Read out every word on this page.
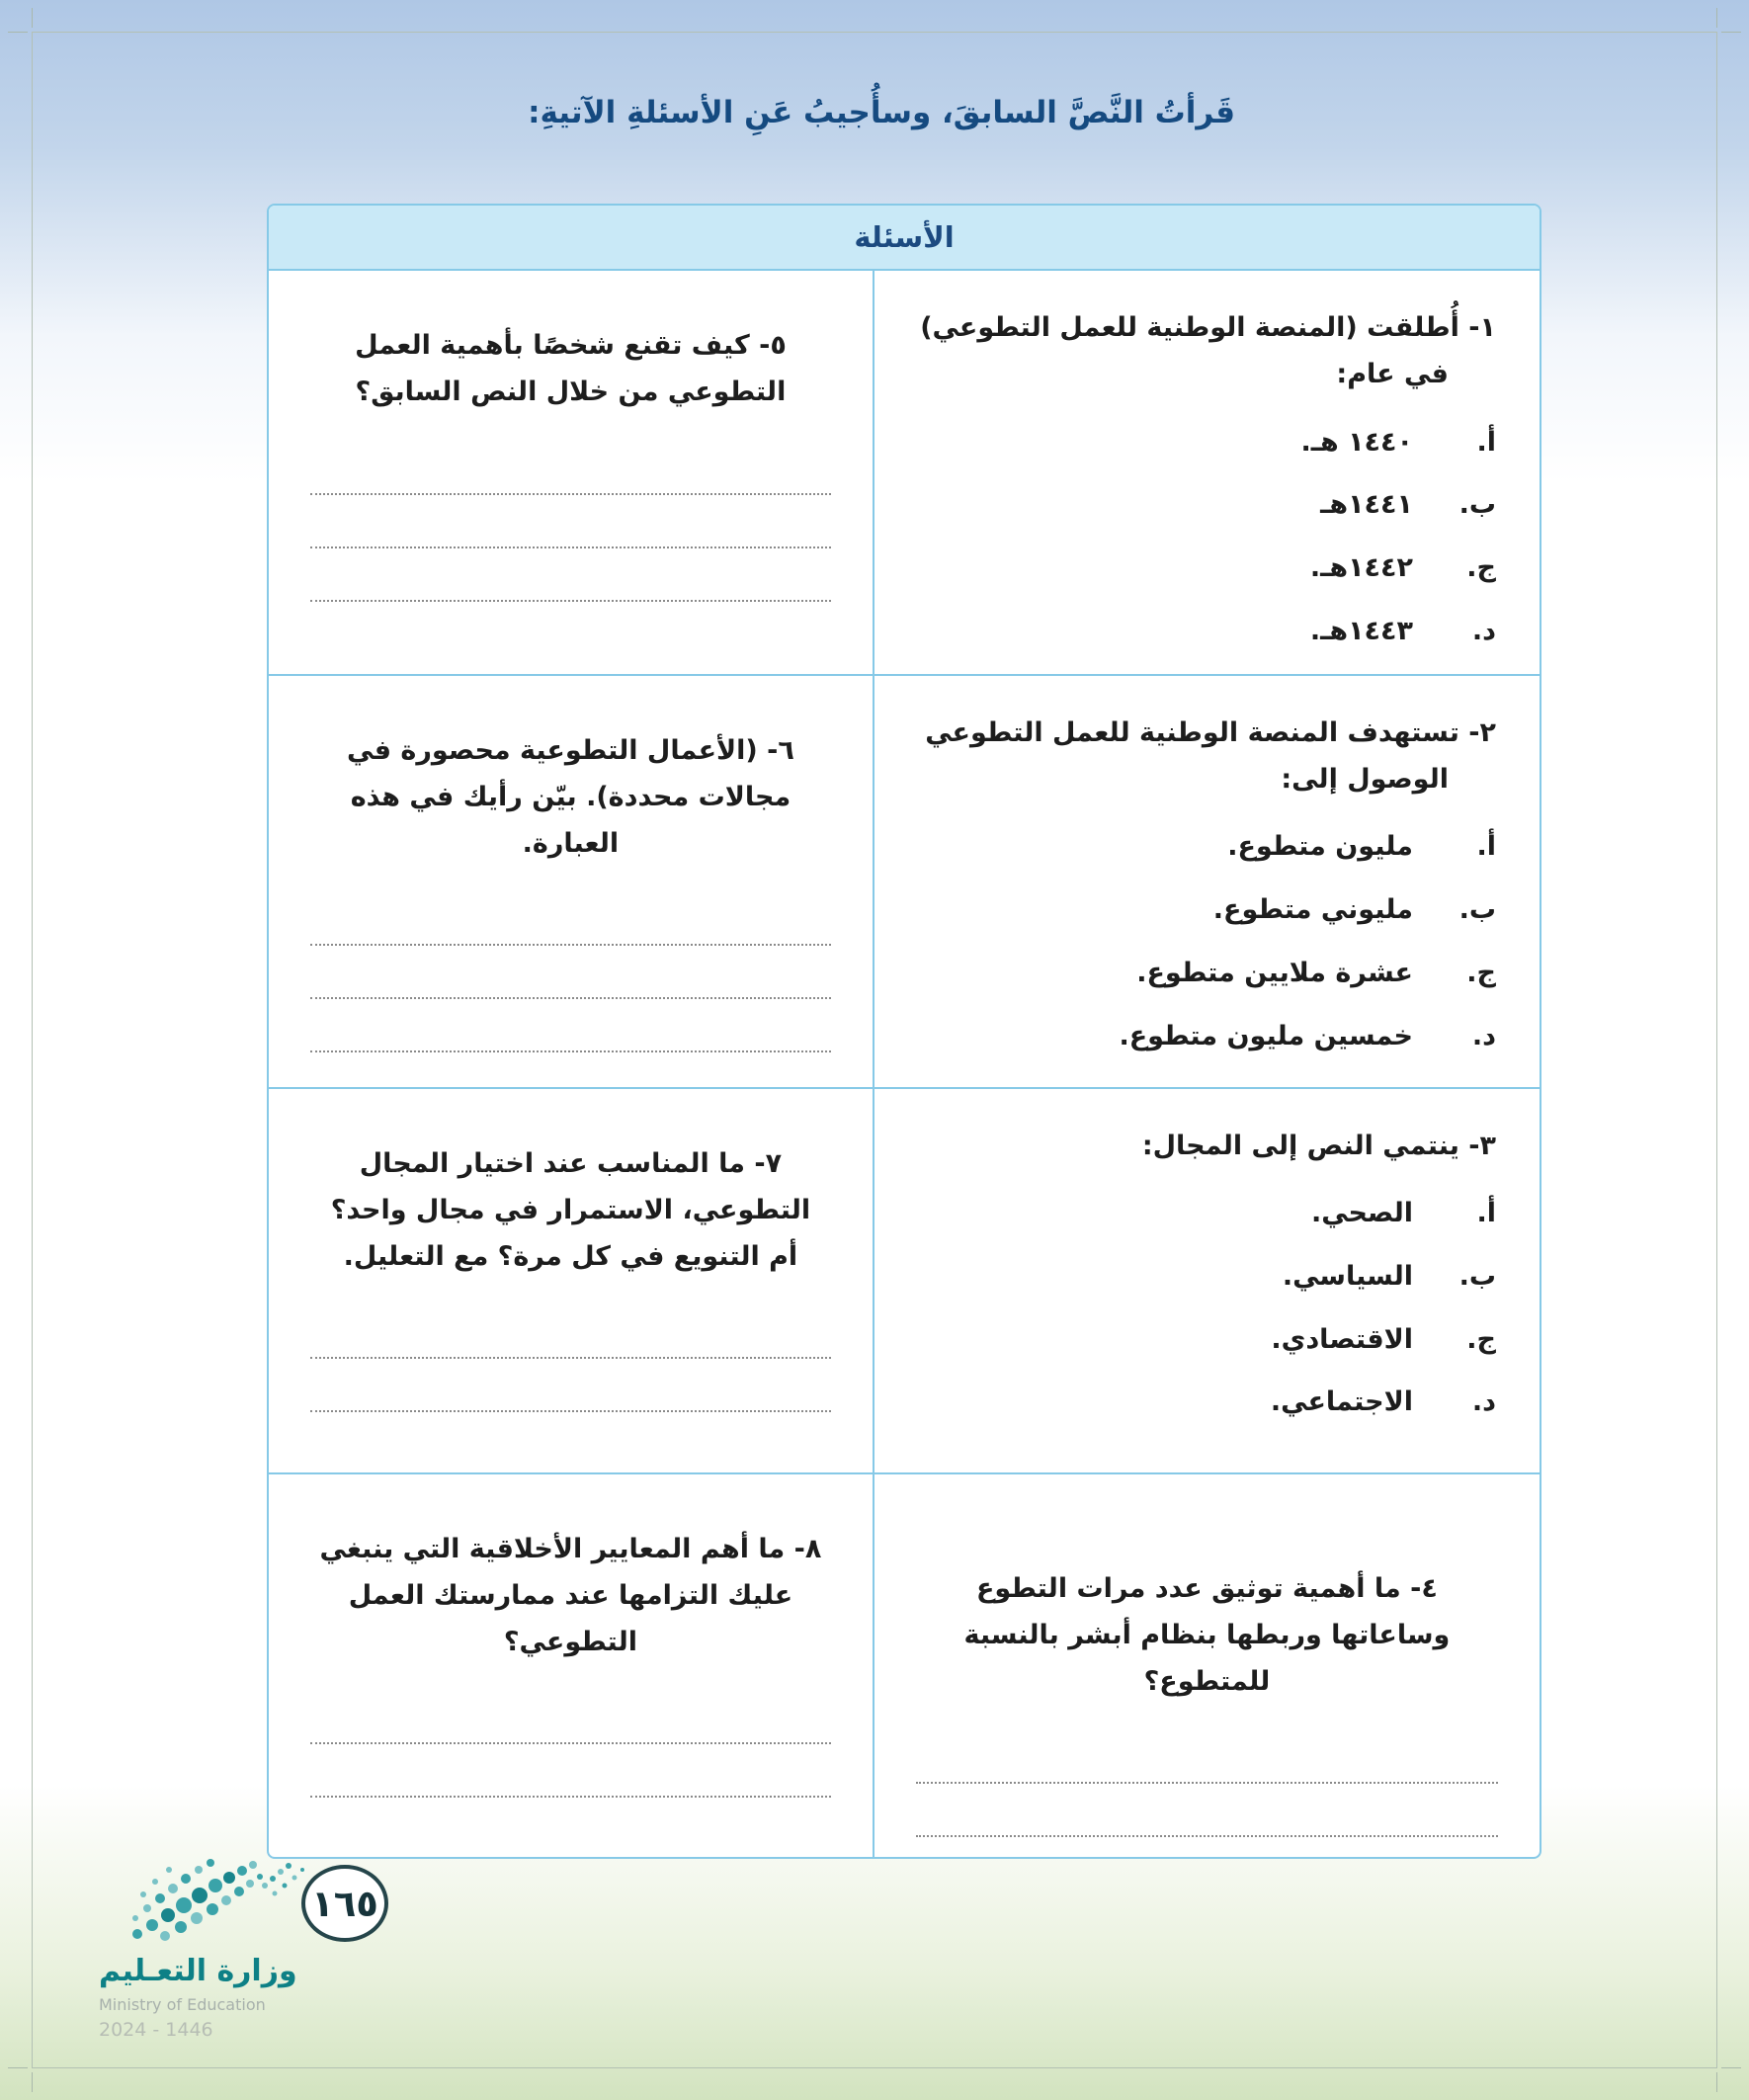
قَرأتُ النَّصَّ السابقَ، وسأُجيبُ عَنِ الأسئلةِ الآتيةِ:
الأسئلة

١- أُطلقت (المنصة الوطنية للعمل التطوعي) في عام:

أ.
١٤٤٠ هـ.
ب.
١٤٤١هـ
ج.
١٤٤٢هـ.
د.
١٤٤٣هـ.

٥- كيف تقنع شخصًا بأهمية العمل التطوعي من خلال النص السابق؟

٢- تستهدف المنصة الوطنية للعمل التطوعي الوصول إلى:

أ.
مليون متطوع.
ب.
مليوني متطوع.
ج.
عشرة ملايين متطوع.
د.
خمسين مليون متطوع.

٦- (الأعمال التطوعية محصورة في مجالات محددة). بيّن رأيك في هذه العبارة.

٣- ينتمي النص إلى المجال:

أ.
الصحي.
ب.
السياسي.
ج.
الاقتصادي.
د.
الاجتماعي.

٧- ما المناسب عند اختيار المجال التطوعي، الاستمرار في مجال واحد؟ أم التنويع في كل مرة؟ مع التعليل.

٤- ما أهمية توثيق عدد مرات التطوع وساعاتها وربطها بنظام أبشر بالنسبة للمتطوع؟

٨- ما أهم المعايير الأخلاقية التي ينبغي عليك التزامها عند ممارستك العمل التطوعي؟

١٦٥
وزارة التعـليم
Ministry of Education
2024 - 1446
